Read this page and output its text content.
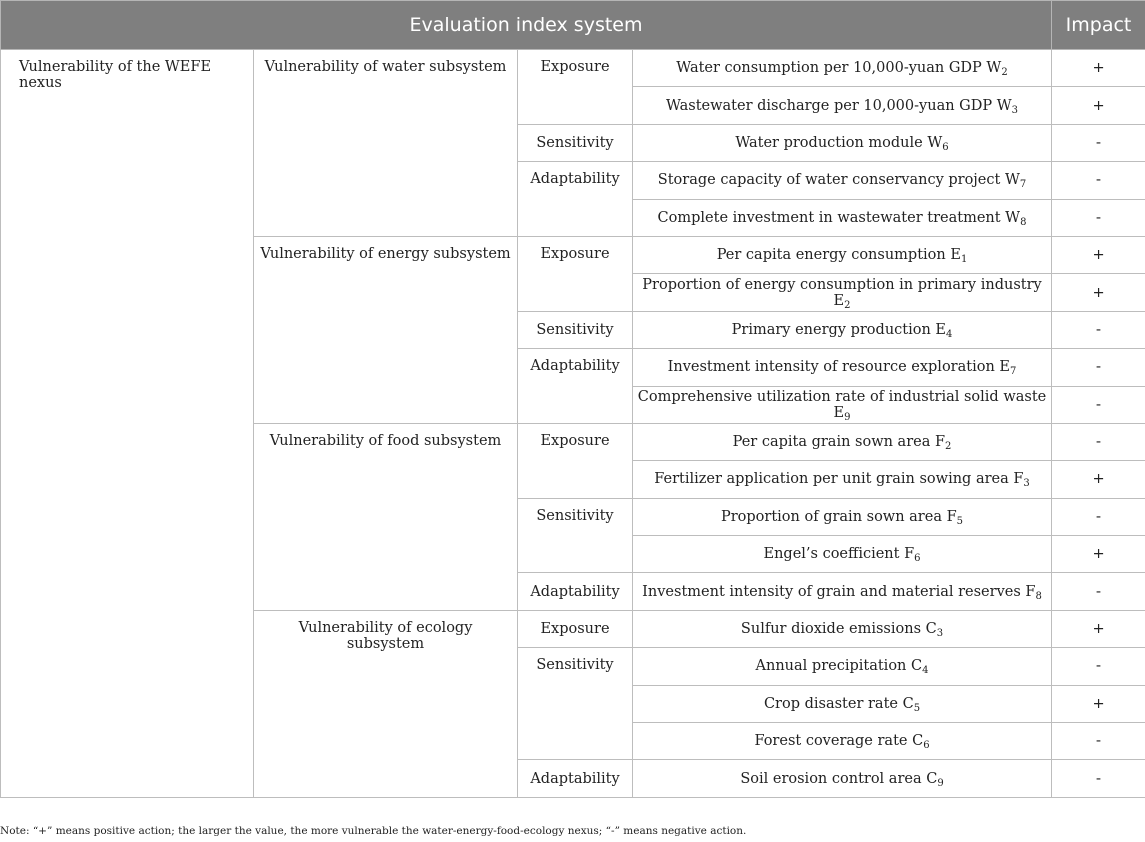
Evaluation index system				Impact
Vulnerability of the WEFE nexus	Vulnerability of water subsystem	Exposure	Water consumption per 10,000-yuan GDP $W_2$	+
			Wastewater discharge per 10,000-yuan GDP $W_3$	+
		Sensitivity	Water production module $W_6$	-
		Adaptability	Storage capacity of water conservancy project $W_7$	-
			Complete investment in wastewater treatment $W_8$	-
	Vulnerability of energy subsystem	Exposure	Per capita energy consumption $E_1$	+
			Proportion of energy consumption in primary industry $E_2$	+
		Sensitivity	Primary energy production $E_4$	-
		Adaptability	Investment intensity of resource exploration $E_7$	-
			Comprehensive utilization rate of industrial solid waste $E_9$	-
	Vulnerability of food subsystem	Exposure	Per capita grain sown area $F_2$	-
			Fertilizer application per unit grain sowing area $F_3$	+
		Sensitivity	Proportion of grain sown area $F_5$	-
			Engel’s coefficient $F_6$	+
		Adaptability	Investment intensity of grain and material reserves $F_8$	-
	Vulnerability of ecology subsystem	Exposure	Sulfur dioxide emissions $C_3$	+
		Sensitivity	Annual precipitation $C_4$	-
			Crop disaster rate $C_5$	+
			Forest coverage rate $C_6$	-
		Adaptability	Soil erosion control area $C_9$	-
Note: “+” means positive action; the larger the value, the more vulnerable the water-energy-food-ecology nexus; “-” means negative action.
